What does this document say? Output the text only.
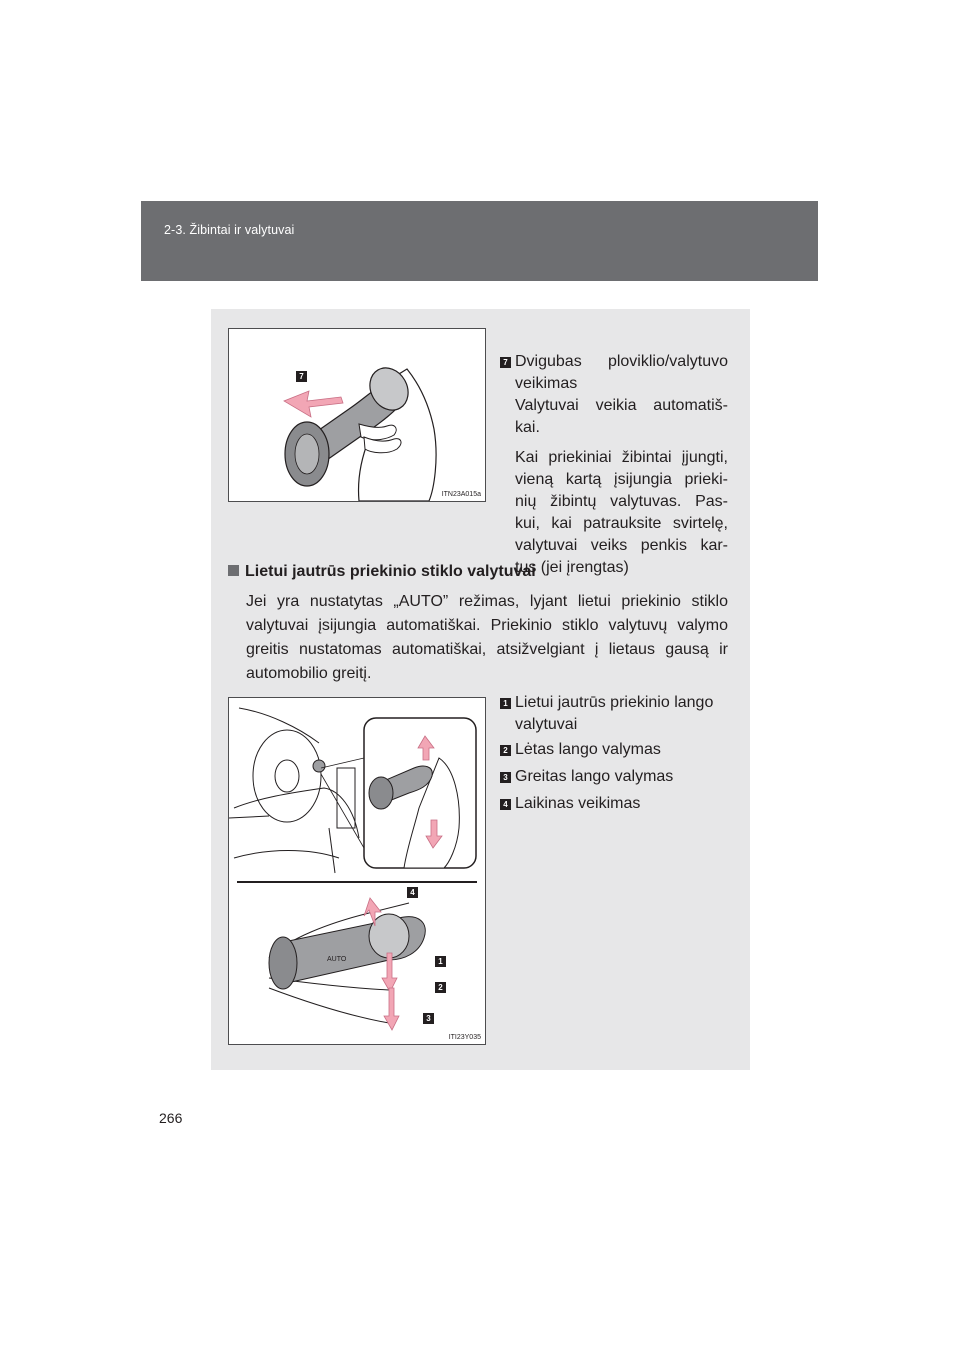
2-3. Žibintai ir valytuvai
7
ITN23A015a
7 Dvigubas ploviklio/valytuvo
veikimas
Valytuvai veikia automatiš-
kai.
Kai priekiniai žibintai įjungti,
vieną kartą įsijungia prieki-
nių žibintų valytuvas. Pas-
kui, kai patrauksite svirtelę,
valytuvai veiks penkis kar-
tus (jei įrengtas)
Lietui jautrūs priekinio stiklo valytuvai
Jei yra nustatytas „AUTO” režimas, lyjant lietui priekinio stiklo
valytuvai įsijungia automatiškai. Priekinio stiklo valytuvų valymo
greitis nustatomas automatiškai, atsižvelgiant į lietaus gausą ir
automobilio greitį.
ITI23Y035
AUTO
4
1
2
3
1 Lietui jautrūs priekinio lango
valytuvai
2 Lėtas lango valymas
3 Greitas lango valymas
4 Laikinas veikimas
266
